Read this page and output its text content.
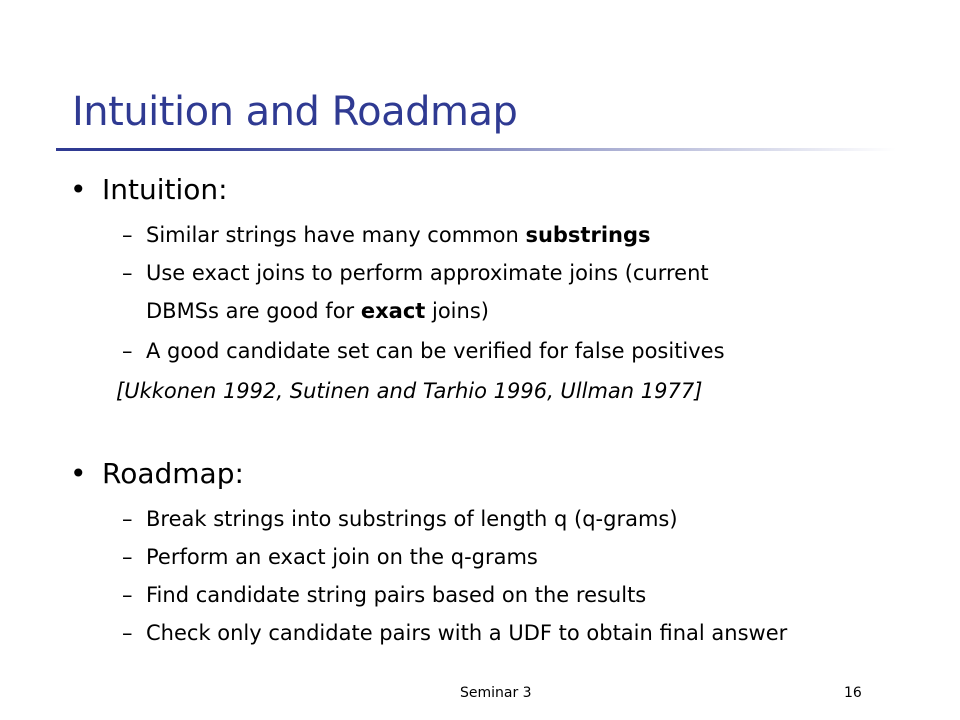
Intuition and Roadmap
• Intuition:
– Similar strings have many common substrings
– Use exact joins to perform approximate joins (current
DBMSs are good for exact joins)
– A good candidate set can be verified for false positives
[Ukkonen 1992, Sutinen and Tarhio 1996, Ullman 1977]
• Roadmap:
– Break strings into substrings of length q (q-grams)
– Perform an exact join on the q-grams
– Find candidate string pairs based on the results
– Check only candidate pairs with a UDF to obtain final answer
Seminar 3	16
